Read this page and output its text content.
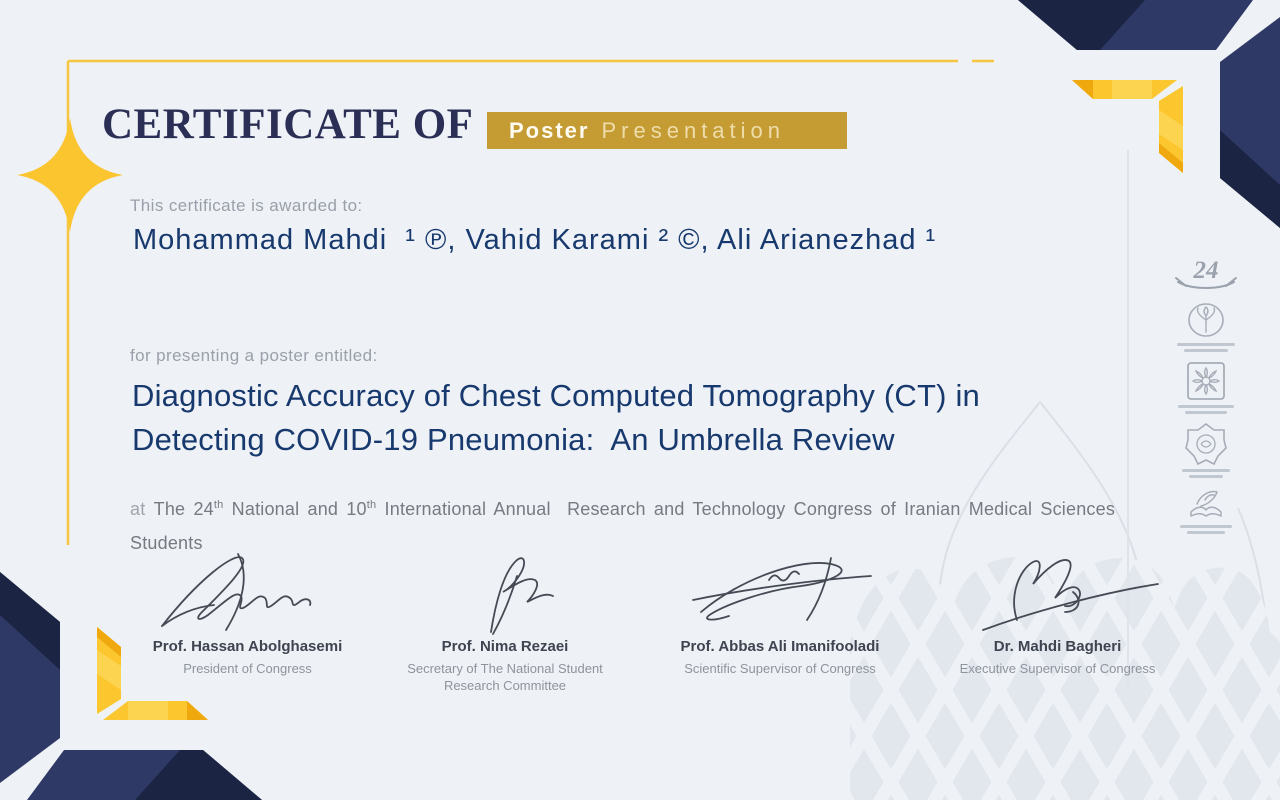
CERTIFICATE OF Poster Presentation
This certificate is awarded to:
Mohammad Mahdi  ¹ ℗, Vahid Karami ² ©, Ali Arianezhad ¹
for presenting a poster entitled:
Diagnostic Accuracy of Chest Computed Tomography (CT) in
Detecting COVID-19 Pneumonia:  An Umbrella Review
at The 24th National and 10th International Annual  Research and Technology Congress of Iranian Medical Sciences Students
Prof. Hassan Abolghasemi
President of Congress
Prof. Nima Rezaei
Secretary of The National Student Research Committee
Prof. Abbas Ali Imanifooladi
Scientific Supervisor of Congress
Dr. Mahdi Bagheri
Executive Supervisor of Congress
24
